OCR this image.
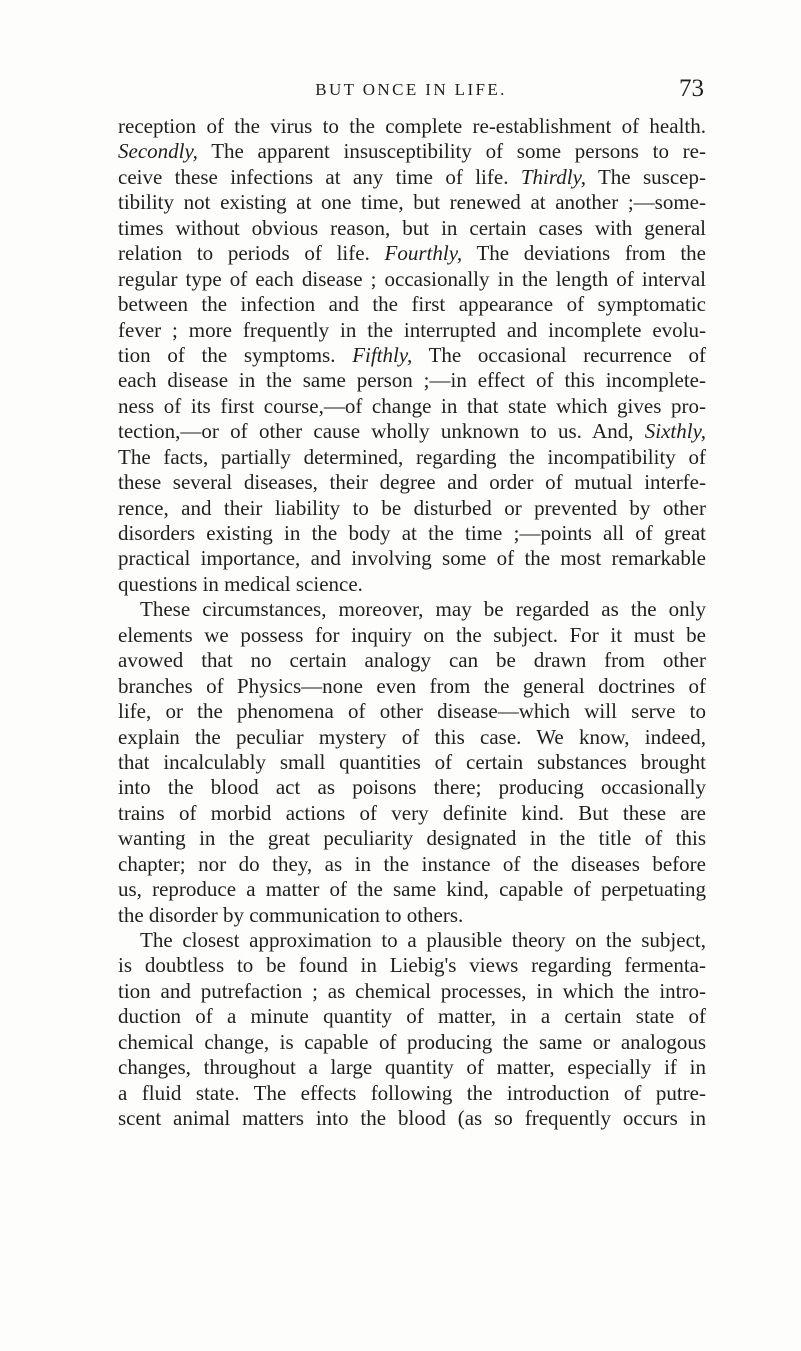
BUT ONCE IN LIFE.	73
reception of the virus to the complete re-establishment of health.
Secondly, The apparent insusceptibility of some persons to re-
ceive these infections at any time of life. Thirdly, The suscep-
tibility not existing at one time, but renewed at another ;—some-
times without obvious reason, but in certain cases with general
relation to periods of life. Fourthly, The deviations from the
regular type of each disease ; occasionally in the length of interval
between the infection and the first appearance of symptomatic
fever ; more frequently in the interrupted and incomplete evolu-
tion of the symptoms. Fifthly, The occasional recurrence of
each disease in the same person ;—in effect of this incomplete-
ness of its first course,—of change in that state which gives pro-
tection,—or of other cause wholly unknown to us. And, Sixthly,
The facts, partially determined, regarding the incompatibility of
these several diseases, their degree and order of mutual interfe-
rence, and their liability to be disturbed or prevented by other
disorders existing in the body at the time ;—points all of great
practical importance, and involving some of the most remarkable
questions in medical science.
These circumstances, moreover, may be regarded as the only
elements we possess for inquiry on the subject. For it must be
avowed that no certain analogy can be drawn from other
branches of Physics—none even from the general doctrines of
life, or the phenomena of other disease—which will serve to
explain the peculiar mystery of this case. We know, indeed,
that incalculably small quantities of certain substances brought
into the blood act as poisons there; producing occasionally
trains of morbid actions of very definite kind. But these are
wanting in the great peculiarity designated in the title of this
chapter; nor do they, as in the instance of the diseases before
us, reproduce a matter of the same kind, capable of perpetuating
the disorder by communication to others.
The closest approximation to a plausible theory on the subject,
is doubtless to be found in Liebig's views regarding fermenta-
tion and putrefaction ; as chemical processes, in which the intro-
duction of a minute quantity of matter, in a certain state of
chemical change, is capable of producing the same or analogous
changes, throughout a large quantity of matter, especially if in
a fluid state. The effects following the introduction of putre-
scent animal matters into the blood (as so frequently occurs in
